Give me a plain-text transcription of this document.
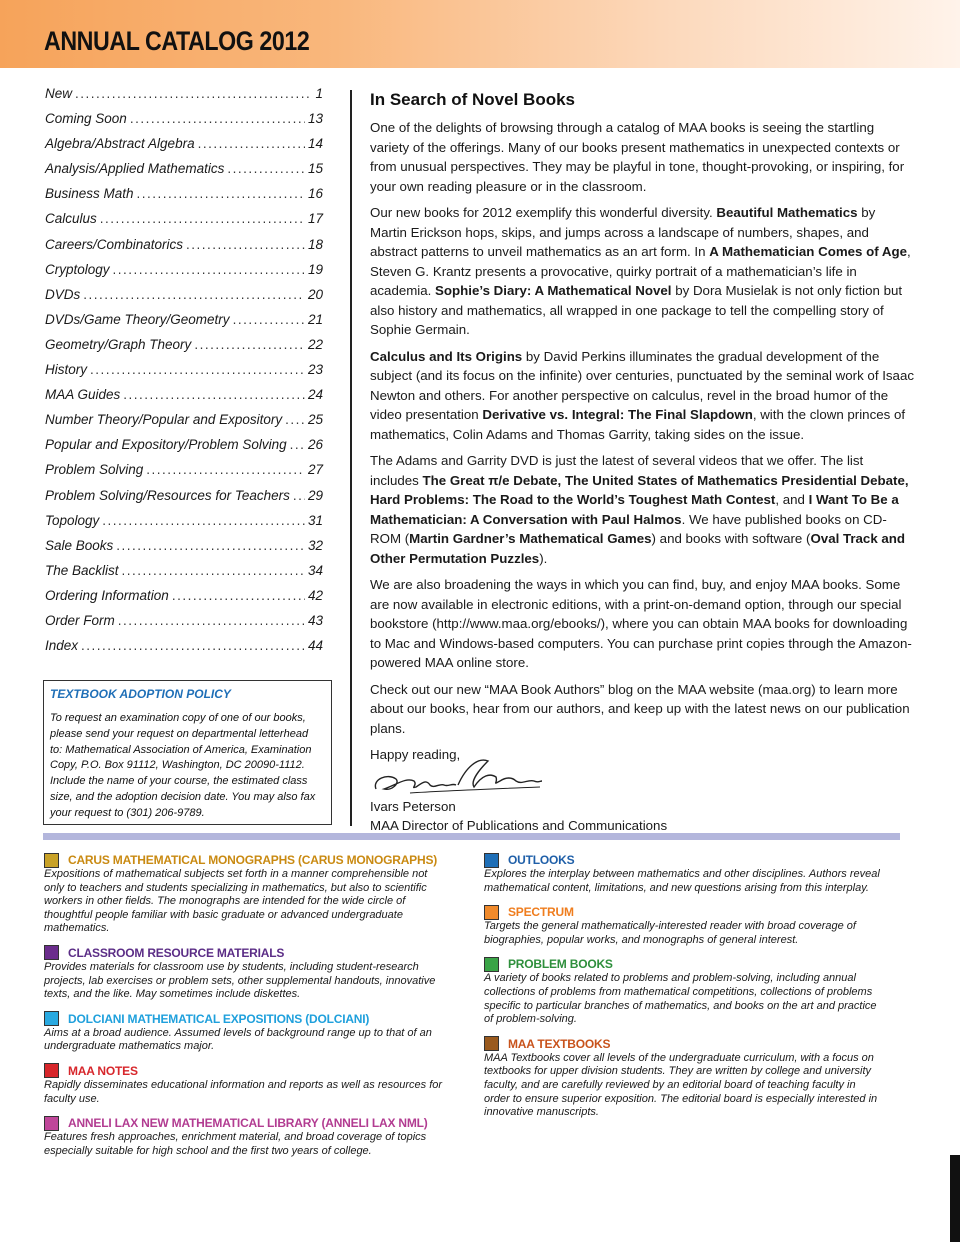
ANNUAL CATALOG 2012
New .....	1
Coming Soon .....	13
Algebra/Abstract Algebra .....	14
Analysis/Applied Mathematics .....	15
Business Math .....	16
Calculus .....	17
Careers/Combinatorics .....	18
Cryptology .....	19
DVDs .....	20
DVDs/Game Theory/Geometry .....	21
Geometry/Graph Theory .....	22
History .....	23
MAA Guides .....	24
Number Theory/Popular and Expository ..... 25
Popular and Expository/Problem Solving ..... 26
Problem Solving .....	27
Problem Solving/Resources for Teachers ..... 29
Topology .....	31
Sale Books .....	32
The Backlist .....	34
Ordering Information .....	42
Order Form .....	43
Index .....	44
TEXTBOOK ADOPTION POLICY
To request an examination copy of one of our books, please send your request on departmental letterhead to: Mathematical Association of America, Examination Copy, P.O. Box 91112, Washington, DC 20090-1112. Include the name of your course, the estimated class size, and the adoption decision date. You may also fax your request to (301) 206-9789.
In Search of Novel Books

One of the delights of browsing through a catalog of MAA books is seeing the startling variety of the offerings. Many of our books present mathematics in unexpected contexts or from unusual perspectives. They may be playful in tone, thought-provoking, or inspiring, for your own reading pleasure or in the classroom.

Our new books for 2012 exemplify this wonderful diversity. Beautiful Mathematics by Martin Erickson hops, skips, and jumps across a landscape of numbers, shapes, and abstract patterns to unveil mathematics as an art form. In A Mathematician Comes of Age, Steven G. Krantz presents a provocative, quirky portrait of a mathematician’s life in academia. Sophie’s Diary: A Mathematical Novel by Dora Musielak is not only fiction but also history and mathematics, all wrapped in one package to tell the compelling story of Sophie Germain.

Calculus and Its Origins by David Perkins illuminates the gradual development of the subject (and its focus on the infinite) over centuries, punctuated by the seminal work of Isaac Newton and others. For another perspective on calculus, revel in the broad humor of the video presentation Derivative vs. Integral: The Final Slapdown, with the clown princes of mathematics, Colin Adams and Thomas Garrity, taking sides on the issue.

The Adams and Garrity DVD is just the latest of several videos that we offer. The list includes The Great π/e Debate, The United States of Mathematics Presidential Debate, Hard Problems: The Road to the World’s Toughest Math Contest, and I Want To Be a Mathematician: A Conversation with Paul Halmos. We have published books on CD-ROM (Martin Gardner’s Mathematical Games) and books with software (Oval Track and Other Permutation Puzzles).

We are also broadening the ways in which you can find, buy, and enjoy MAA books. Some are now available in electronic editions, with a print-on-demand option, through our special bookstore (http://www.maa.org/ebooks/), where you can obtain MAA books for downloading to Mac and Windows-based computers. You can purchase print copies through the Amazon-powered MAA online store.

Check out our new “MAA Book Authors” blog on the MAA website (maa.org) to learn more about our books, hear from our authors, and keep up with the latest news on our publication plans.

Happy reading,

Ivars Peterson
MAA Director of Publications and Communications
CARUS MATHEMATICAL MONOGRAPHS (CARUS MONOGRAPHS)
Expositions of mathematical subjects set forth in a manner comprehensible not only to teachers and students specializing in mathematics, but also to scientific workers in other fields. The monographs are intended for the wide circle of thoughtful people familiar with basic graduate or advanced undergraduate mathematics.
CLASSROOM RESOURCE MATERIALS
Provides materials for classroom use by students, including student-research projects, lab exercises or problem sets, other supplemental handouts, innovative texts, and the like. May sometimes include diskettes.
DOLCIANI MATHEMATICAL EXPOSITIONS (DOLCIANI)
Aims at a broad audience. Assumed levels of background range up to that of an undergraduate mathematics major.
MAA NOTES
Rapidly disseminates educational information and reports as well as resources for faculty use.
ANNELI LAX NEW MATHEMATICAL LIBRARY (ANNELI LAX NML)
Features fresh approaches, enrichment material, and broad coverage of topics especially suitable for high school and the first two years of college.
OUTLOOKS
Explores the interplay between mathematics and other disciplines. Authors reveal mathematical content, limitations, and new questions arising from this interplay.
SPECTRUM
Targets the general mathematically-interested reader with broad coverage of biographies, popular works, and monographs of general interest.
PROBLEM BOOKS
A variety of books related to problems and problem-solving, including annual collections of problems from mathematical competitions, collections of problems specific to particular branches of mathematics, and books on the art and practice of problem-solving.
MAA TEXTBOOKS
MAA Textbooks cover all levels of the undergraduate curriculum, with a focus on textbooks for upper division students. They are written by college and university faculty, and are carefully reviewed by an editorial board of teaching faculty in order to ensure superior exposition. The editorial board is especially interested in innovative manuscripts.
